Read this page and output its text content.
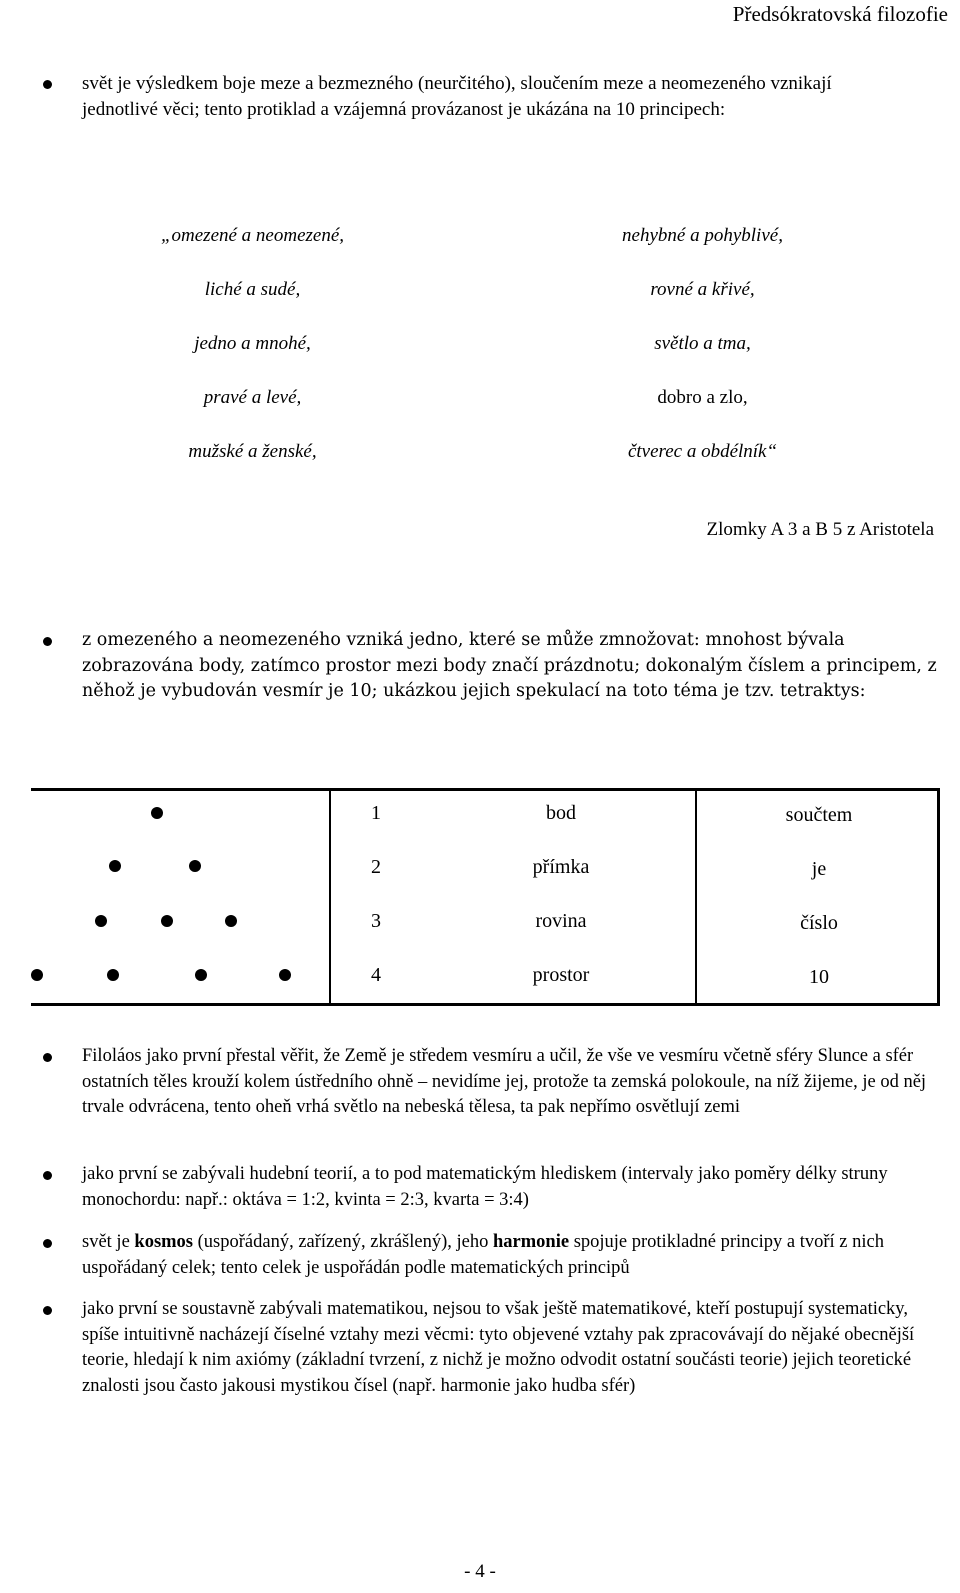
Předsókratovská filozofie
svět je výsledkem boje meze a bezmezného (neurčitého), sloučením meze a neomezeného vznikají jednotlivé věci; tento protiklad a vzájemná provázanost je ukázána na 10 principech:
„omezené a neomezené,
liché a sudé,
jedno a mnohé,
pravé a levé,
mužské a ženské,
nehybné a pohyblivé,
rovné a křivé,
světlo a tma,
dobro a zlo,
čtverec a obdélník“
Zlomky A 3 a B 5 z Aristotela
z omezeného a neomezeného vzniká jedno, které se může zmnožovat: mnohost bývala zobrazována body, zatímco prostor mezi body značí prázdnotu; dokonalým číslem a principem, z něhož je vybudován vesmír je 10; ukázkou jejich spekulací na toto téma je tzv. tetraktys:
1	bod	součtem
2	přímka	je
3	rovina	číslo
4	prostor	10
Filoláos jako první přestal věřit, že Země je středem vesmíru a učil, že vše ve vesmíru včetně sféry Slunce a sfér ostatních těles krouží kolem ústředního ohně – nevidíme jej, protože ta zemská polokoule, na níž žijeme, je od něj trvale odvrácena, tento oheň vrhá světlo na nebeská tělesa, ta pak nepřímo osvětlují zemi
jako první se zabývali hudební teorií, a to pod matematickým hlediskem (intervaly jako poměry délky struny monochordu: např.: oktáva = 1:2, kvinta = 2:3, kvarta = 3:4)
svět je kosmos (uspořádaný, zařízený, zkrášlený), jeho harmonie spojuje protikladné principy a tvoří z nich uspořádaný celek; tento celek je uspořádán podle matematických principů
jako první se soustavně zabývali matematikou, nejsou to však ještě matematikové, kteří postupují systematicky, spíše intuitivně nacházejí číselné vztahy mezi věcmi: tyto objevené vztahy pak zpracovávají do nějaké obecnější teorie, hledají k nim axiómy (základní tvrzení, z nichž je možno odvodit ostatní součásti teorie) jejich teoretické znalosti jsou často jakousi mystikou čísel (např. harmonie jako hudba sfér)
- 4 -
